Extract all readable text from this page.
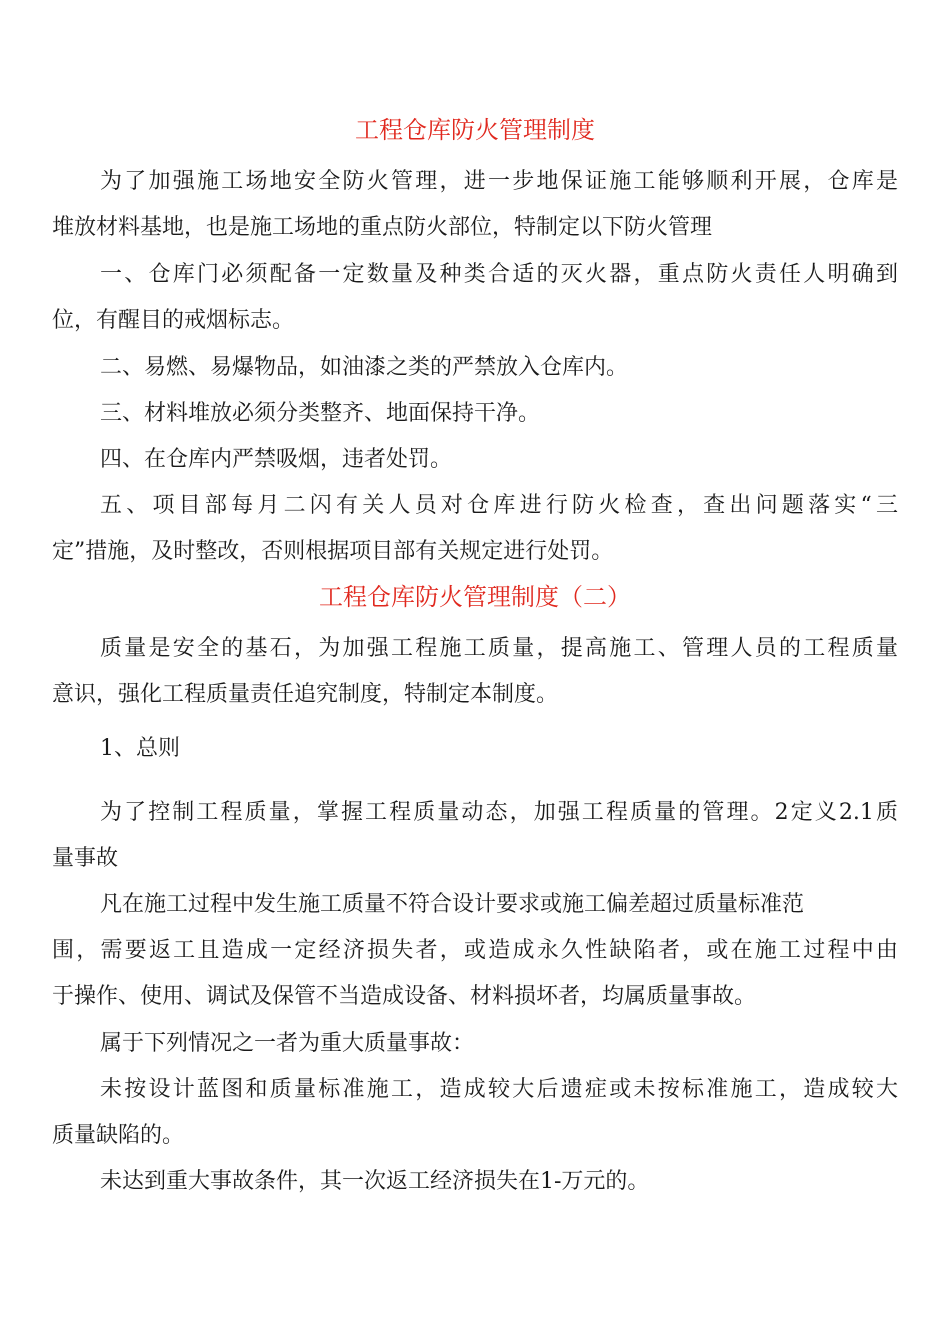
工程仓库防火管理制度

为了加强施工场地安全防火管理，进一步地保证施工能够顺利开展，仓库是

堆放材料基地，也是施工场地的重点防火部位，特制定以下防火管理

一、仓库门必须配备一定数量及种类合适的灭火器，重点防火责任人明确到

位，有醒目的戒烟标志。

二、易燃、易爆物品，如油漆之类的严禁放入仓库内。

三、材料堆放必须分类整齐、地面保持干净。

四、在仓库内严禁吸烟，违者处罚。

五、项目部每月二闪有关人员对仓库进行防火检查，查出问题落实“三

定”措施，及时整改，否则根据项目部有关规定进行处罚。

工程仓库防火管理制度（二）

质量是安全的基石，为加强工程施工质量，提高施工、管理人员的工程质量

意识，强化工程质量责任追究制度，特制定本制度。

1、总则

为了控制工程质量，掌握工程质量动态，加强工程质量的管理。2定义2.1质

量事故

凡在施工过程中发生施工质量不符合设计要求或施工偏差超过质量标准范

围，需要返工且造成一定经济损失者，或造成永久性缺陷者，或在施工过程中由

于操作、使用、调试及保管不当造成设备、材料损坏者，均属质量事故。

属于下列情况之一者为重大质量事故：

未按设计蓝图和质量标准施工，造成较大后遗症或未按标准施工，造成较大

质量缺陷的。

未达到重大事故条件，其一次返工经济损失在1-万元的。
